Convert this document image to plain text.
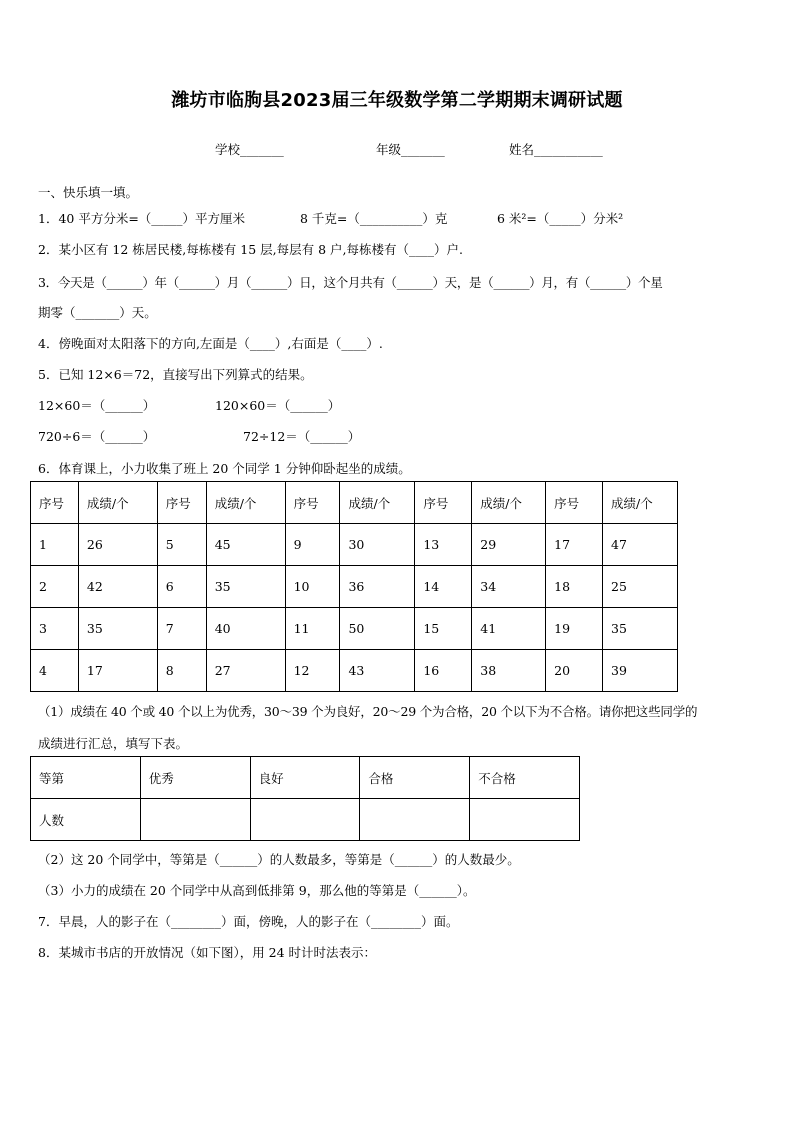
潍坊市临朐县2023届三年级数学第二学期期末调研试题
学校_______	年级_______	姓名___________
一、快乐填一填。
1．40 平方分米=（_____）平方厘米	8 千克=（__________）克	6 米²=（_____）分米²
2．某小区有 12 栋居民楼,每栋楼有 15 层,每层有 8 户,每栋楼有（____）户.
3．今天是（______）年（______）月（______）日，这个月共有（______）天，是（______）月，有（______）个星
期零（_______）天。
4．傍晚面对太阳落下的方向,左面是（____）,右面是（____）.
5．已知 12×6＝72，直接写出下列算式的结果。
12×60＝（______）	120×60＝（______）
720÷6＝（______）	72÷12＝（______）
6．体育课上，小力收集了班上 20 个同学 1 分钟仰卧起坐的成绩。
序号	成绩/个	序号	成绩/个	序号	成绩/个	序号	成绩/个	序号	成绩/个
1	26	5	45	9	30	13	29	17	47
2	42	6	35	10	36	14	34	18	25
3	35	7	40	11	50	15	41	19	35
4	17	8	27	12	43	16	38	20	39
（1）成绩在 40 个或 40 个以上为优秀，30～39 个为良好，20～29 个为合格，20 个以下为不合格。请你把这些同学的
成绩进行汇总，填写下表。
等第	优秀	良好	合格	不合格
人数				
（2）这 20 个同学中，等第是（______）的人数最多，等第是（______）的人数最少。
（3）小力的成绩在 20 个同学中从高到低排第 9，那么他的等第是（______）。
7．早晨，人的影子在（________）面，傍晚，人的影子在（________）面。
8．某城市书店的开放情况（如下图），用 24 时计时法表示：
